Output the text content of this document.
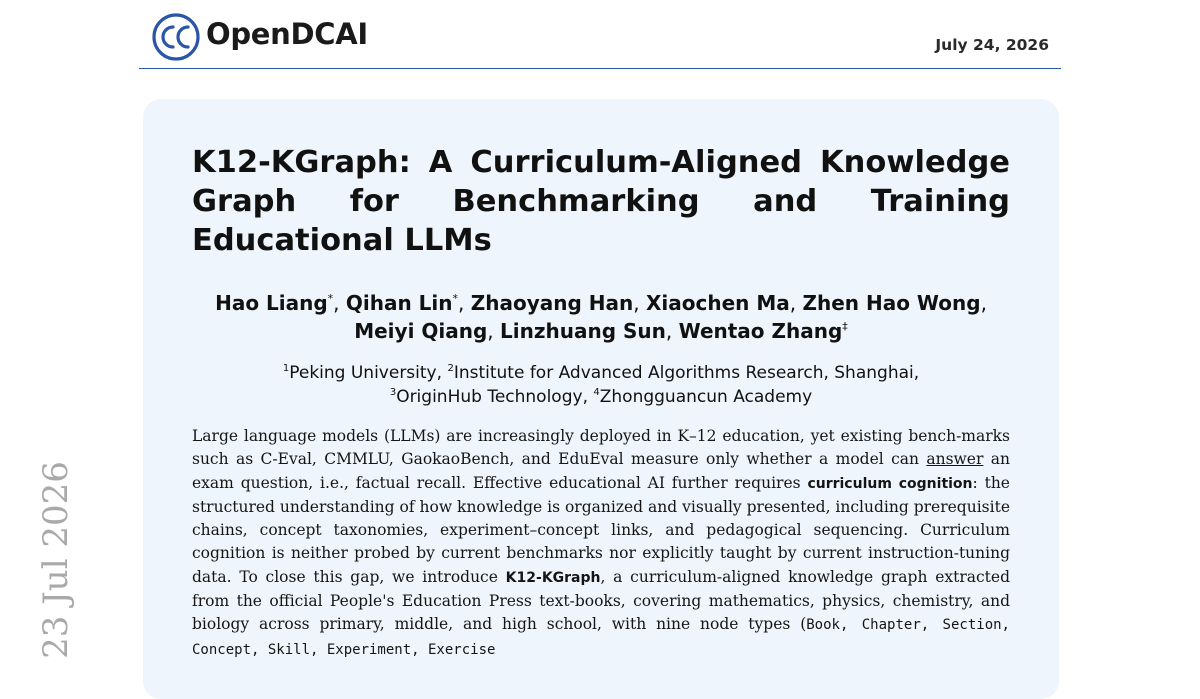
OpenDCAI	July 24, 2026
23 Jul 2026
K12-KGraph: A Curriculum-Aligned Knowledge Graph for Benchmarking and Training Educational LLMs
Hao Liang*, Qihan Lin*, Zhaoyang Han, Xiaochen Ma, Zhen Hao Wong,
Meiyi Qiang, Linzhuang Sun, Wentao Zhang‡
$^1$Peking University, $^2$Institute for Advanced Algorithms Research, Shanghai,
$^3$OriginHub Technology, $^4$Zhongguancun Academy
Large language models (LLMs) are increasingly deployed in K–12 education, yet existing bench-marks such as C-Eval, CMMLU, GaokaoBench, and EduEval measure only whether a model can answer an exam question, i.e., factual recall. Effective educational AI further requires curriculum cognition: the structured understanding of how knowledge is organized and visually presented, including prerequisite chains, concept taxonomies, experiment–concept links, and pedagogical sequencing. Curriculum cognition is neither probed by current benchmarks nor explicitly taught by current instruction-tuning data. To close this gap, we introduce K12-KGraph, a curriculum-aligned knowledge graph extracted from the official People's Education Press text-books, covering mathematics, physics, chemistry, and biology across primary, middle, and high school, with nine node types (Book, Chapter, Section, Concept, Skill, Experiment, Exercise
